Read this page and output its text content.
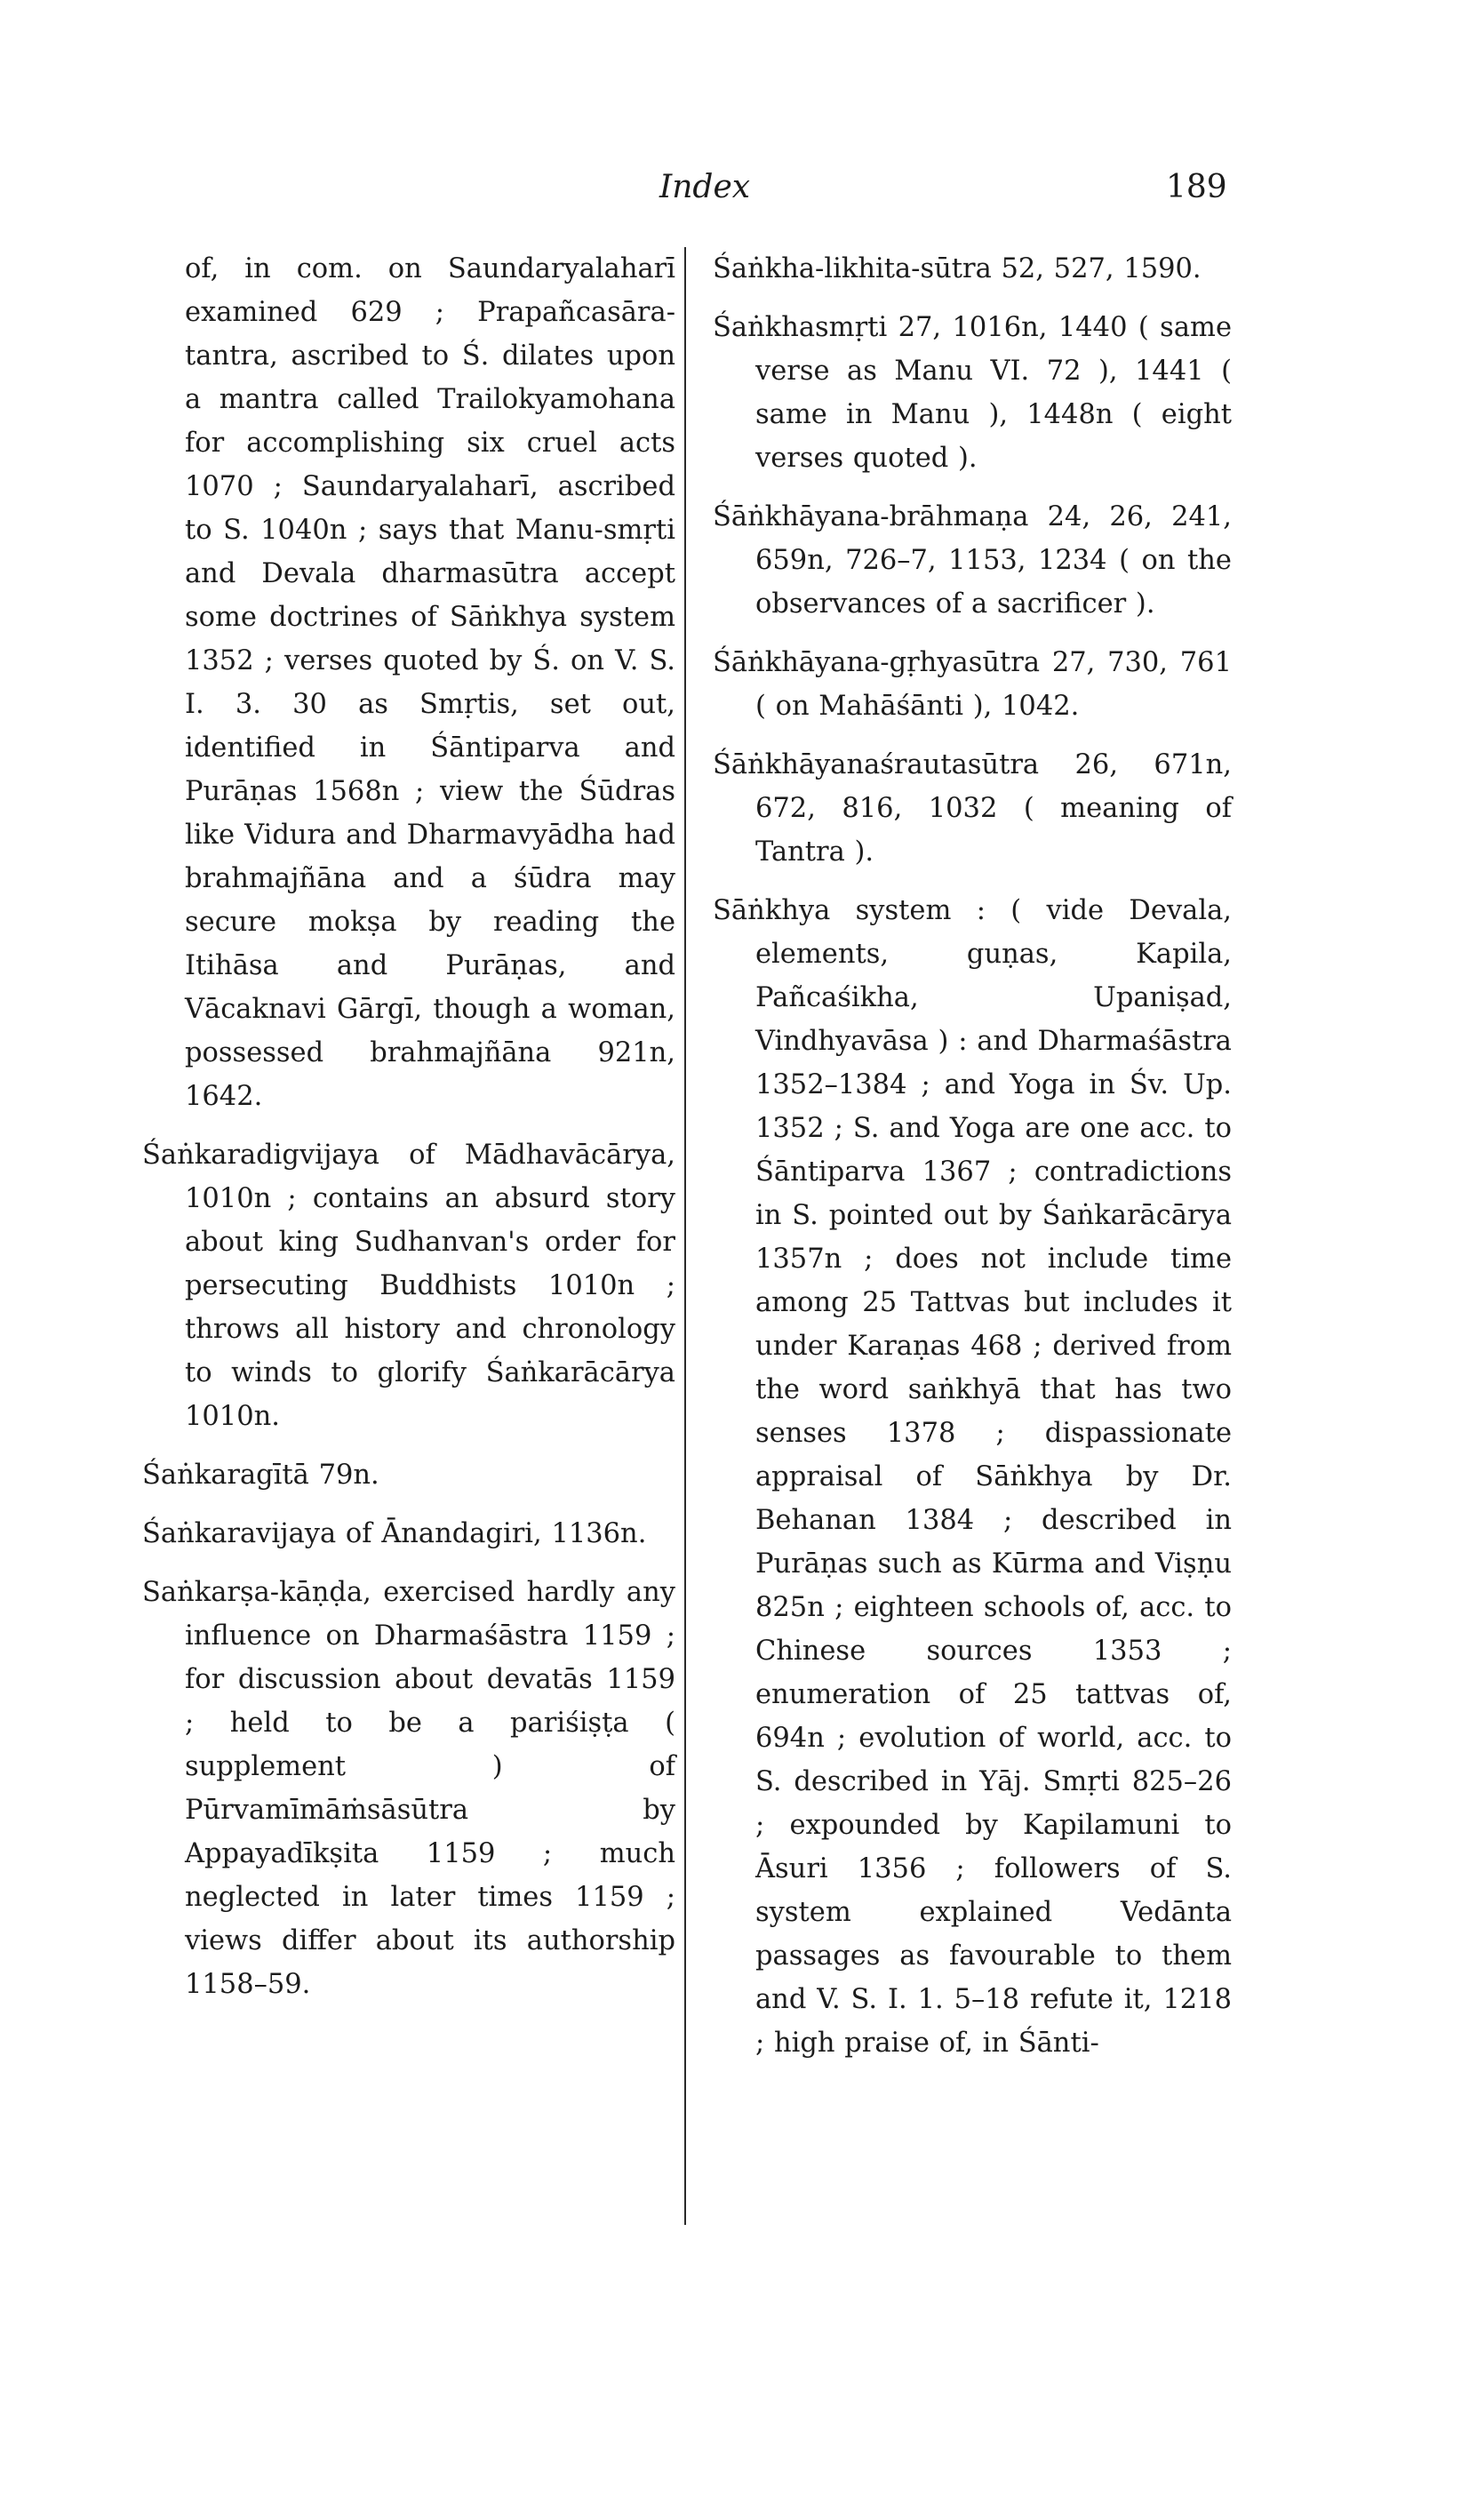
Index	189

of, in com. on Saundaryalaharī examined 629 ; Prapañcasāra-tantra, ascribed to Ś. dilates upon a mantra called Trailokyamohana for accomplishing six cruel acts 1070 ; Saundaryalaharī, ascribed to S. 1040n ; says that Manu-smṛti and Devala dharmasūtra accept some doctrines of Sāṅkhya system 1352 ; verses quoted by Ś. on V. S. I. 3. 30 as Smṛtis, set out, identified in Śāntiparva and Purāṇas 1568n ; view the Śūdras like Vidura and Dharmavyādha had brahmajñāna and a śūdra may secure mokṣa by reading the Itihāsa and Purāṇas, and Vācaknavi Gārgī, though a woman, possessed brahmajñāna 921n, 1642.

Śaṅkaradigvijaya of Mādhavācārya, 1010n ; contains an absurd story about king Sudhanvan's order for persecuting Buddhists 1010n ; throws all history and chronology to winds to glorify Śaṅkarācārya 1010n.

Śaṅkaragītā 79n.

Śaṅkaravijaya of Ānandagiri, 1136n.

Saṅkarṣa-kāṇḍa, exercised hardly any influence on Dharmaśāstra 1159 ; for discussion about devatās 1159 ; held to be a pariśiṣṭa ( supplement ) of Pūrvamīmāṁsāsūtra by Appayadīkṣita 1159 ; much neglected in later times 1159 ; views differ about its authorship 1158–59.

Śaṅkha-likhita-sūtra 52, 527, 1590.

Śaṅkhasmṛti 27, 1016n, 1440 ( same verse as Manu VI. 72 ), 1441 ( same in Manu ), 1448n ( eight verses quoted ).

Śāṅkhāyana-brāhmaṇa 24, 26, 241, 659n, 726–7, 1153, 1234 ( on the observances of a sacrificer ).

Śāṅkhāyana-gṛhyasūtra 27, 730, 761 ( on Mahāśānti ), 1042.

Śāṅkhāyanaśrautasūtra 26, 671n, 672, 816, 1032 ( meaning of Tantra ).

Sāṅkhya system : ( vide Devala, elements, guṇas, Kapila, Pañcaśikha, Upaniṣad, Vindhyavāsa ) : and Dharmaśāstra 1352–1384 ; and Yoga in Śv. Up. 1352 ; S. and Yoga are one acc. to Śāntiparva 1367 ; contradictions in S. pointed out by Śaṅkarācārya 1357n ; does not include time among 25 Tattvas but includes it under Karaṇas 468 ; derived from the word saṅkhyā that has two senses 1378 ; dispassionate appraisal of Sāṅkhya by Dr. Behanan 1384 ; described in Purāṇas such as Kūrma and Viṣṇu 825n ; eighteen schools of, acc. to Chinese sources 1353 ; enumeration of 25 tattvas of, 694n ; evolution of world, acc. to S. described in Yāj. Smṛti 825–26 ; expounded by Kapilamuni to Āsuri 1356 ; followers of S. system explained Vedānta passages as favourable to them and V. S. I. 1. 5–18 refute it, 1218 ; high praise of, in Śānti-
